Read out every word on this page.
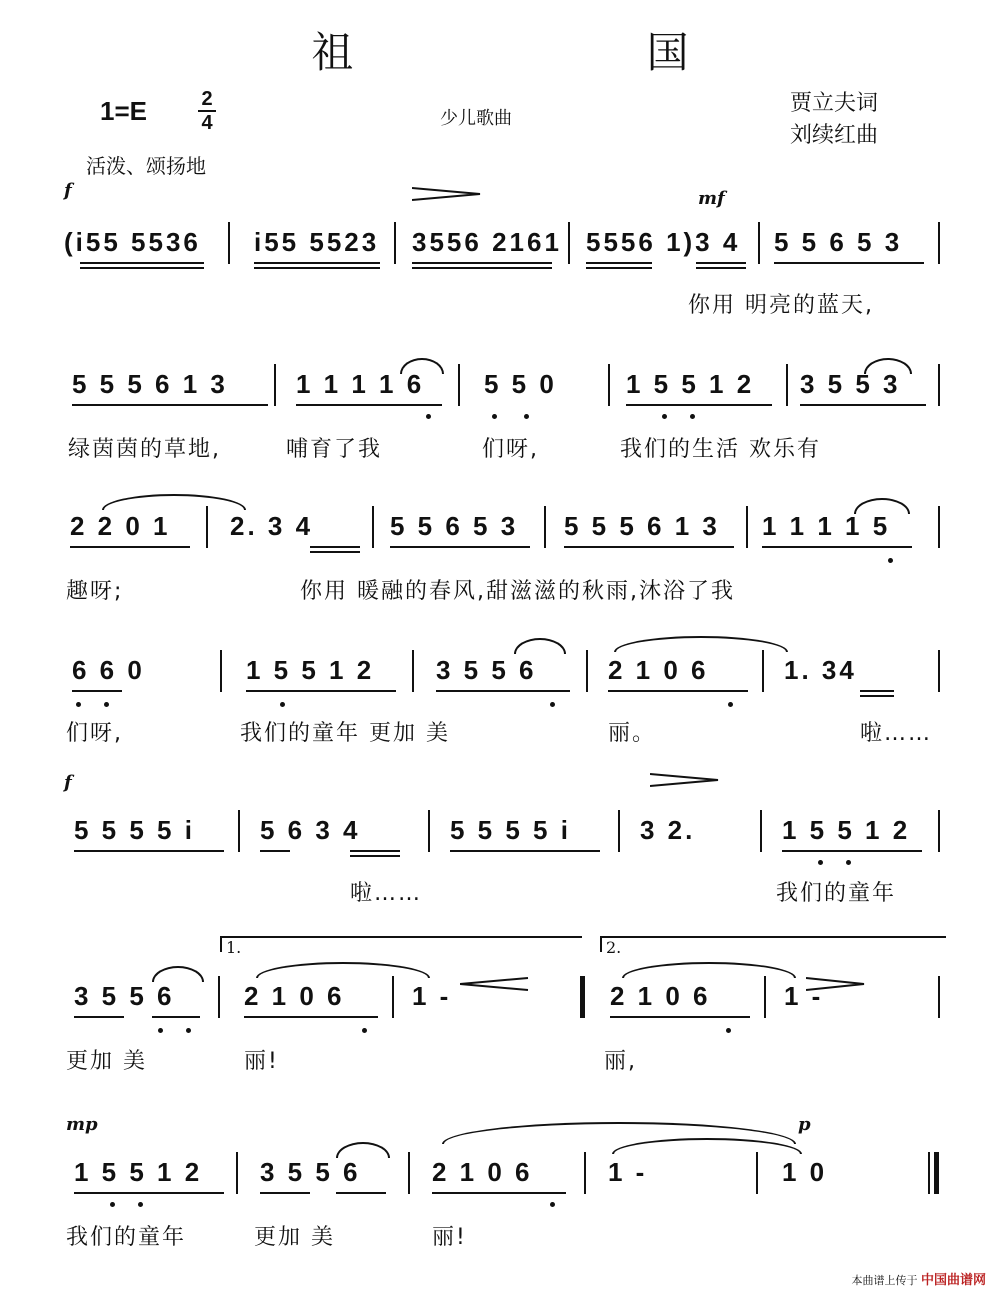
祖 国
1=E	2
4	少儿歌曲
贾立夫词
刘续红曲
活泼、颂扬地
f	mf
f
mp	p
(i55 5536 i55 5523 3556 2161 5556 1)3 4 5 5 6 5 3
你用 明亮的蓝天,
5 5 5 6 1 3	1 1 1 1 6 5 5 0	1 5 5 1 2 3 5 5 3
绿茵茵的草地,	哺育了我	们呀,	我们的生活 欢乐有
2 2 0 1 2. 3 4	5 5 6 5 3 5 5 5 6 1 3 1 1 1 1 5
趣呀;	你用 暖融的春风,甜滋滋的秋雨,沐浴了我
6 6 0	1 5 5 1 2 3 5 5 6	2 1 0 6	1. 34
们呀,	我们的童年 更加 美	丽。	啦……
5 5 5 5 i	5 6 3 4	5 5 5 5 i	3 2.	1 5 5 1 2
啦……	我们的童年
1.	2.
3 5 5 6	2 1 0 6	1 -	2 1 0 6	1 -
更加 美	丽!	丽,
1 5 5 1 2 3 5 5 6	2 1 0 6	1 -	1 0
我们的童年	更加 美	丽!
本曲谱上传于 中国曲谱网
